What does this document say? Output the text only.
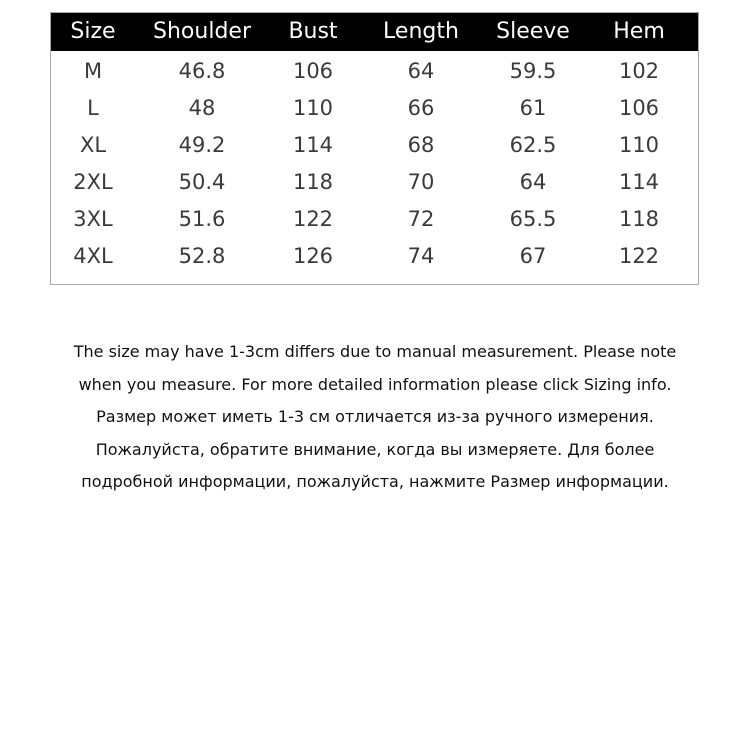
Size	Shoulder	Bust	Length	Sleeve	Hem
M	46.8	106	64	59.5	102
L	48	110	66	61	106
XL	49.2	114	68	62.5	110
2XL	50.4	118	70	64	114
3XL	51.6	122	72	65.5	118
4XL	52.8	126	74	67	122
The size may have 1-3cm differs due to manual measurement. Please note
when you measure. For more detailed information please click Sizing info.
Размер может иметь 1-3 см отличается из-за ручного измерения.
Пожалуйста, обратите внимание, когда вы измеряете. Для более
подробной информации, пожалуйста, нажмите Размер информации.
